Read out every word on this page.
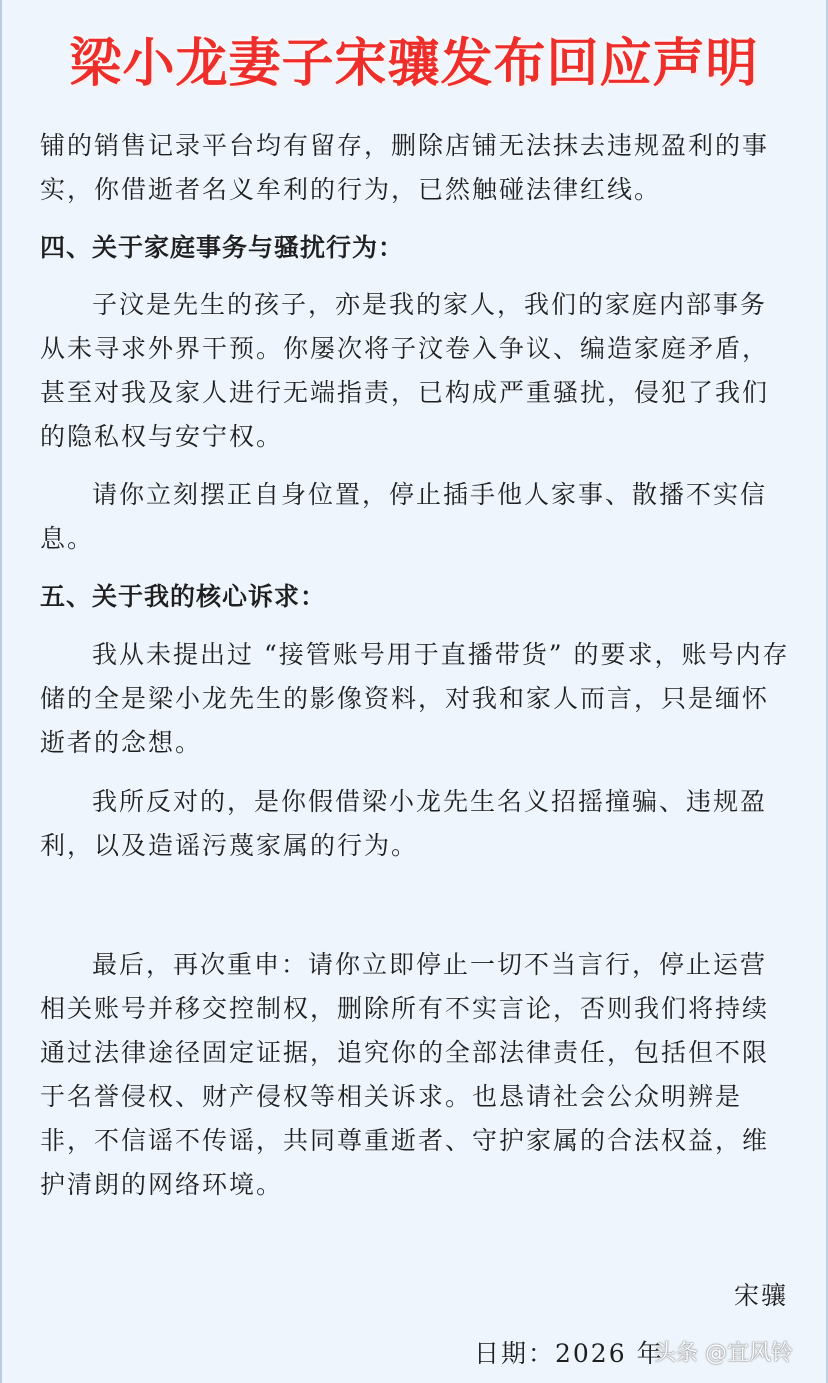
梁小龙妻子宋骧发布回应声明
铺的销售记录平台均有留存，删除店铺无法抹去违规盈利的事实，你借逝者名义牟利的行为，已然触碰法律红线。
四、关于家庭事务与骚扰行为：
子汶是先生的孩子，亦是我的家人，我们的家庭内部事务从未寻求外界干预。你屡次将子汶卷入争议、编造家庭矛盾，甚至对我及家人进行无端指责，已构成严重骚扰，侵犯了我们的隐私权与安宁权。
请你立刻摆正自身位置，停止插手他人家事、散播不实信息。
五、关于我的核心诉求：
我从未提出过 “接管账号用于直播带货” 的要求，账号内存储的全是梁小龙先生的影像资料，对我和家人而言，只是缅怀逝者的念想。
我所反对的，是你假借梁小龙先生名义招摇撞骗、违规盈利，以及造谣污蔑家属的行为。
最后，再次重申：请你立即停止一切不当言行，停止运营相关账号并移交控制权，删除所有不实言论，否则我们将持续通过法律途径固定证据，追究你的全部法律责任，包括但不限于名誉侵权、财产侵权等相关诉求。也恳请社会公众明辨是非，不信谣不传谣，共同尊重逝者、守护家属的合法权益，维护清朗的网络环境。
宋骧
日期：2026 年
头条 @宜风铃
